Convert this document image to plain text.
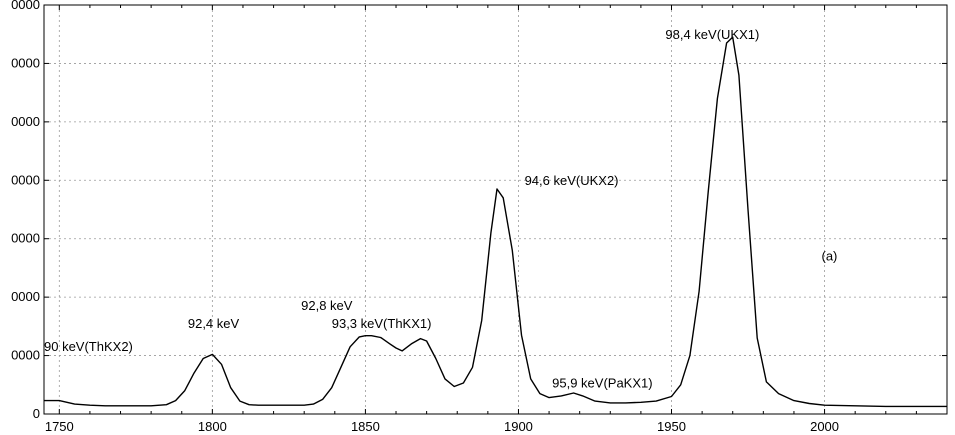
1750	1800	1850	1900	1950	2000
0
0000
0000
0000
0000
0000
0000
0000
98,4 keV(UKX1)
94,6 keV(UKX2)
(a)
92,8 keV
92,4 keV	93,3 keV(ThKX1)
90 keV(ThKX2)
95,9 keV(PaKX1)
